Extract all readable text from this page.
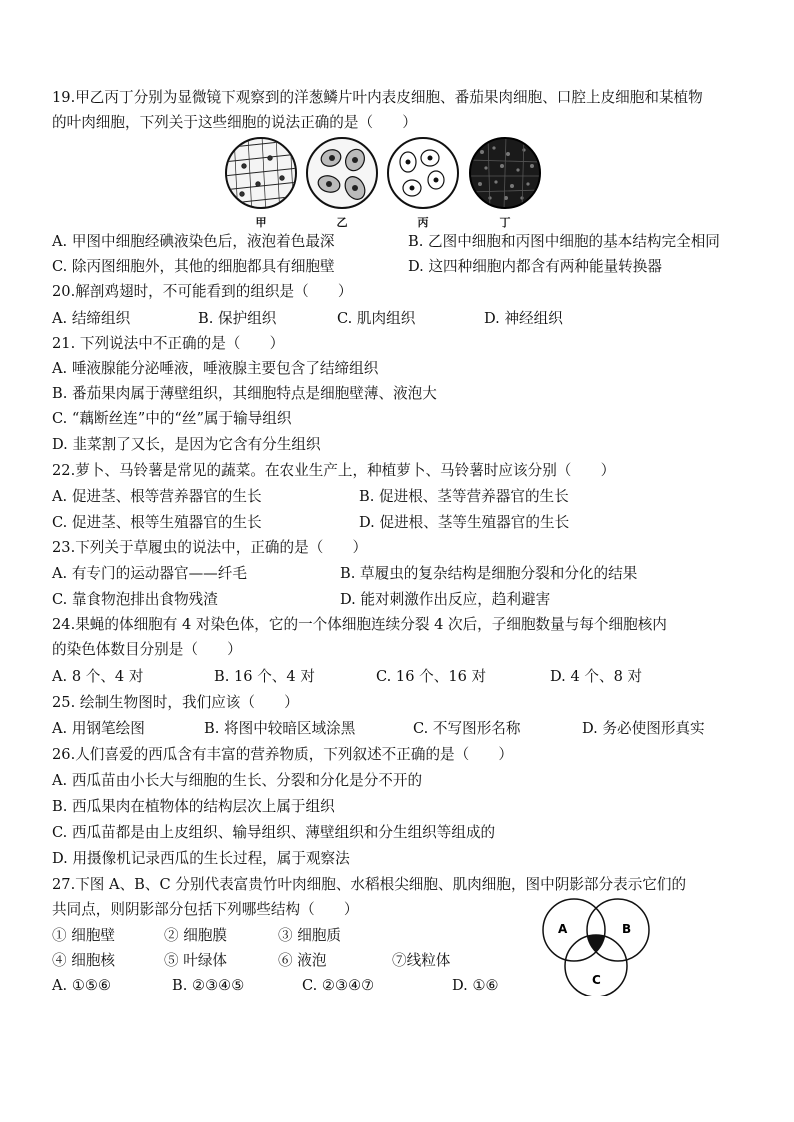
19.甲乙丙丁分别为显微镜下观察到的洋葱鳞片叶内表皮细胞、番茄果肉细胞、口腔上皮细胞和某植物
的叶肉细胞，下列关于这些细胞的说法正确的是（　　）
甲	乙	丙	丁
A. 甲图中细胞经碘液染色后，液泡着色最深	B. 乙图中细胞和丙图中细胞的基本结构完全相同
C. 除丙图细胞外，其他的细胞都具有细胞壁	D. 这四种细胞内都含有两种能量转换器
20.解剖鸡翅时，不可能看到的组织是（　　）
A. 结缔组织	B. 保护组织	C. 肌肉组织	D. 神经组织
21. 下列说法中不正确的是（　　）
A. 唾液腺能分泌唾液，唾液腺主要包含了结缔组织
B. 番茄果肉属于薄壁组织，其细胞特点是细胞壁薄、液泡大
C. “藕断丝连”中的“丝”属于输导组织
D. 韭菜割了又长，是因为它含有分生组织
22.萝卜、马铃薯是常见的蔬菜。在农业生产上，种植萝卜、马铃薯时应该分别（　　）
A. 促进茎、根等营养器官的生长	B. 促进根、茎等营养器官的生长
C. 促进茎、根等生殖器官的生长	D. 促进根、茎等生殖器官的生长
23.下列关于草履虫的说法中，正确的是（　　）
A. 有专门的运动器官——纤毛	B. 草履虫的复杂结构是细胞分裂和分化的结果
C. 靠食物泡排出食物残渣	D. 能对刺激作出反应，趋利避害
24.果蝇的体细胞有 4 对染色体，它的一个体细胞连续分裂 4 次后，子细胞数量与每个细胞核内
的染色体数目分别是（　　）
A. 8 个、4 对	B. 16 个、4 对	C. 16 个、16 对	D. 4 个、8 对
25. 绘制生物图时，我们应该（　　）
A. 用钢笔绘图	B. 将图中较暗区域涂黑	C. 不写图形名称	D. 务必使图形真实
26.人们喜爱的西瓜含有丰富的营养物质，下列叙述不正确的是（　　）
A. 西瓜苗由小长大与细胞的生长、分裂和分化是分不开的
B. 西瓜果肉在植物体的结构层次上属于组织
C. 西瓜苗都是由上皮组织、输导组织、薄壁组织和分生组织等组成的
D. 用摄像机记录西瓜的生长过程，属于观察法
27.下图 A、B、C 分别代表富贵竹叶肉细胞、水稻根尖细胞、肌肉细胞，图中阴影部分表示它们的
共同点，则阴影部分包括下列哪些结构（　　）
① 细胞壁	② 细胞膜	③ 细胞质
④ 细胞核	⑤ 叶绿体	⑥ 液泡	⑦线粒体
A. ①⑤⑥	B. ②③④⑤	C. ②③④⑦	D. ①⑥
A	B
C
